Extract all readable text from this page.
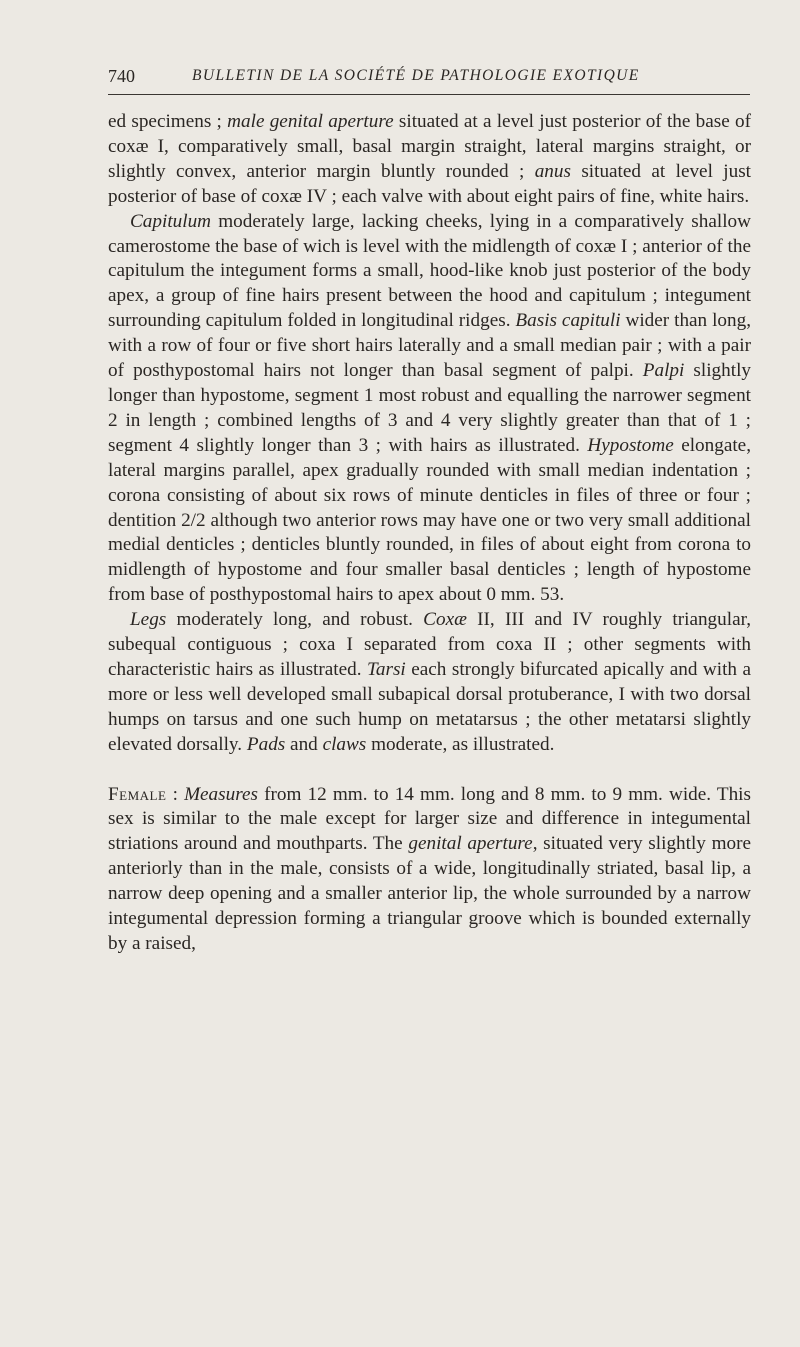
740	BULLETIN DE LA SOCIÉTÉ DE PATHOLOGIE EXOTIQUE

ed specimens ; male genital aperture situated at a level just posterior of the base of coxæ I, comparatively small, basal margin straight, lateral margins straight, or slightly convex, anterior margin bluntly rounded ; anus situated at level just posterior of base of coxæ IV ; each valve with about eight pairs of fine, white hairs.

Capitulum moderately large, lacking cheeks, lying in a comparatively shallow camerostome the base of wich is level with the midlength of coxæ I ; anterior of the capitulum the integument forms a small, hood-like knob just posterior of the body apex, a group of fine hairs present between the hood and capitulum ; integument surrounding capitulum folded in longitudinal ridges. Basis capituli wider than long, with a row of four or five short hairs laterally and a small median pair ; with a pair of posthypostomal hairs not longer than basal segment of palpi. Palpi slightly longer than hypostome, segment 1 most robust and equalling the narrower segment 2 in length ; combined lengths of 3 and 4 very slightly greater than that of 1 ; segment 4 slightly longer than 3 ; with hairs as illustrated. Hypostome elongate, lateral margins parallel, apex gradually rounded with small median indentation ; corona consisting of about six rows of minute denticles in files of three or four ; dentition 2/2 although two anterior rows may have one or two very small additional medial denticles ; denticles bluntly rounded, in files of about eight from corona to midlength of hypostome and four smaller basal denticles ; length of hypostome from base of posthypostomal hairs to apex about 0 mm. 53.

Legs moderately long, and robust. Coxæ II, III and IV roughly triangular, subequal contiguous ; coxa I separated from coxa II ; other segments with characteristic hairs as illustrated. Tarsi each strongly bifurcated apically and with a more or less well developed small subapical dorsal protuberance, I with two dorsal humps on tarsus and one such hump on metatarsus ; the other metatarsi slightly elevated dorsally. Pads and claws moderate, as illustrated.

Female : Measures from 12 mm. to 14 mm. long and 8 mm. to 9 mm. wide. This sex is similar to the male except for larger size and difference in integumental striations around and mouthparts. The genital aperture, situated very slightly more anteriorly than in the male, consists of a wide, longitudinally striated, basal lip, a narrow deep opening and a smaller anterior lip, the whole surrounded by a narrow integumental depression forming a triangular groove which is bounded externally by a raised,
